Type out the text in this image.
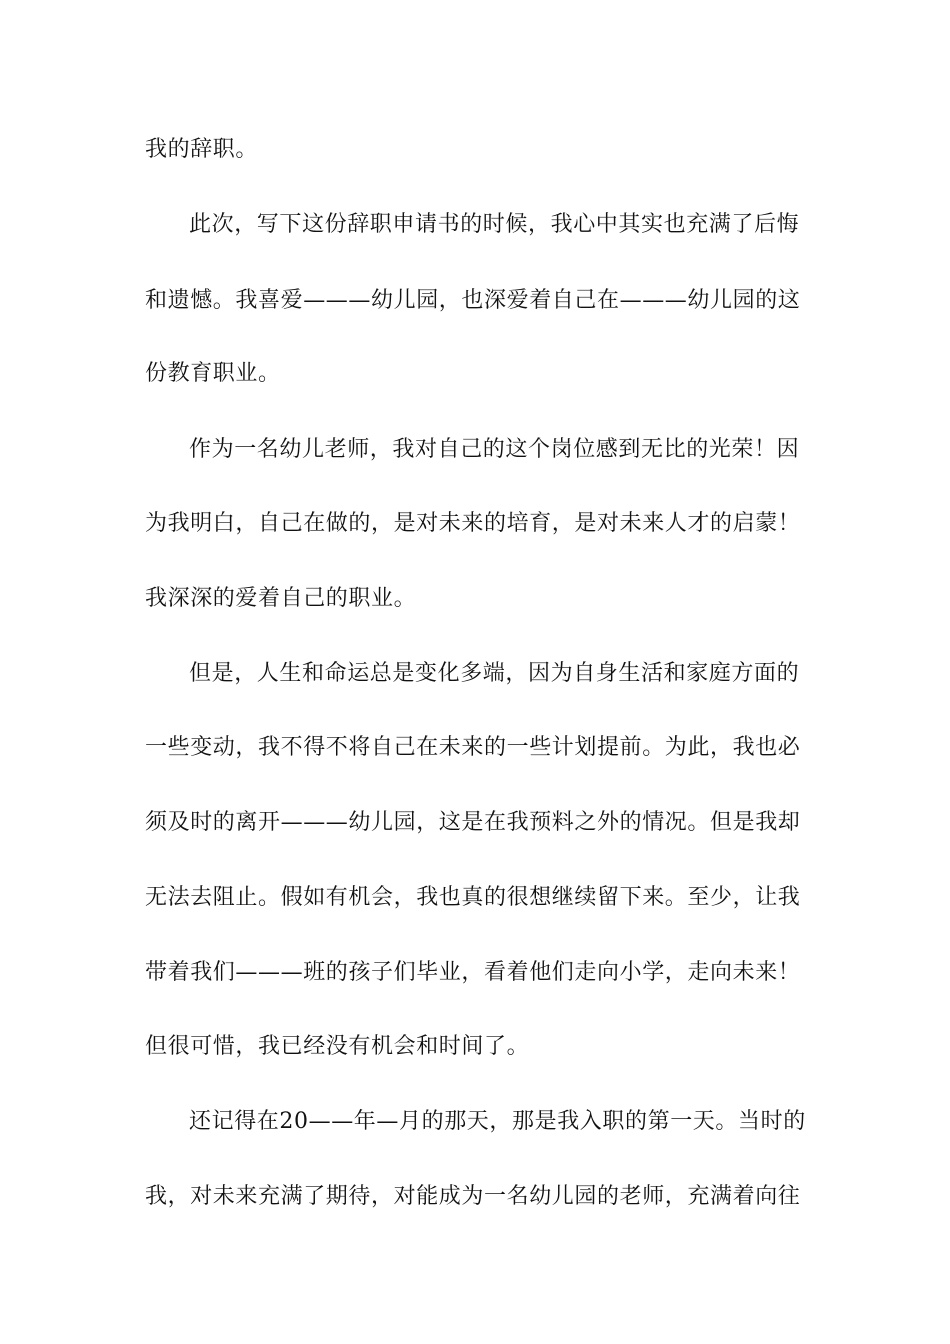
我的辞职。
此次，写下这份辞职申请书的时候，我心中其实也充满了后悔
和遗憾。我喜爱———幼儿园，也深爱着自己在———幼儿园的这
份教育职业。
作为一名幼儿老师，我对自己的这个岗位感到无比的光荣！因
为我明白，自己在做的，是对未来的培育，是对未来人才的启蒙！
我深深的爱着自己的职业。
但是，人生和命运总是变化多端，因为自身生活和家庭方面的
一些变动，我不得不将自己在未来的一些计划提前。为此，我也必
须及时的离开———幼儿园，这是在我预料之外的情况。但是我却
无法去阻止。假如有机会，我也真的很想继续留下来。至少，让我
带着我们———班的孩子们毕业，看着他们走向小学，走向未来！
但很可惜，我已经没有机会和时间了。
还记得在20——年—月的那天，那是我入职的第一天。当时的
我，对未来充满了期待，对能成为一名幼儿园的老师，充满着向往
